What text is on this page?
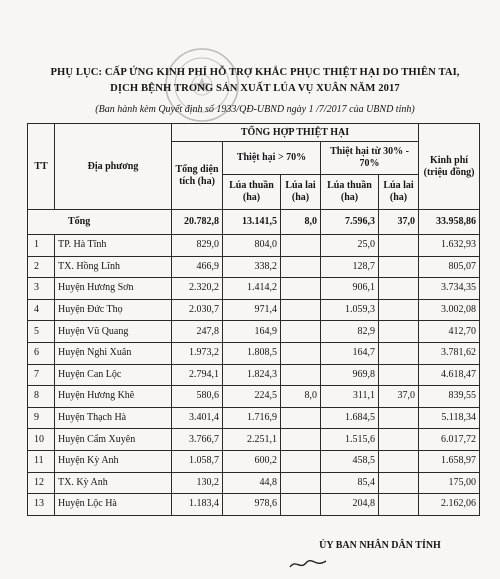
PHỤ LỤC: CẤP ỨNG KINH PHÍ HỖ TRỢ KHẮC PHỤC THIỆT HẠI DO THIÊN TAI,
DỊCH BỆNH TRONG SẢN XUẤT LÚA VỤ XUÂN NĂM 2017
(Ban hành kèm Quyết định số 1933/QĐ-UBND ngày 1 /7/2017 của UBND tỉnh)
TT	Địa phương	TỔNG HỢP THIỆT HẠI					Kinh phí (triệu đồng)
		Tổng diện tích (ha)	Thiệt hại > 70%		Thiệt hại từ 30% - 70%		
			Lúa thuần (ha)	Lúa lai (ha)	Lúa thuần (ha)	Lúa lai (ha)	
Tổng		20.782,8	13.141,5	8,0	7.596,3	37,0	33.958,86
1	TP. Hà Tĩnh	829,0	804,0		25,0		1.632,93
2	TX. Hồng Lĩnh	466,9	338,2		128,7		805,07
3	Huyện Hương Sơn	2.320,2	1.414,2		906,1		3.734,35
4	Huyện Đức Thọ	2.030,7	971,4		1.059,3		3.002,08
5	Huyện Vũ Quang	247,8	164,9		82,9		412,70
6	Huyện Nghi Xuân	1.973,2	1.808,5		164,7		3.781,62
7	Huyện Can Lộc	2.794,1	1.824,3		969,8		4.618,47
8	Huyện Hương Khê	580,6	224,5	8,0	311,1	37,0	839,55
9	Huyện Thạch Hà	3.401,4	1.716,9		1.684,5		5.118,34
10	Huyện Cẩm Xuyên	3.766,7	2.251,1		1.515,6		6.017,72
11	Huyện Kỳ Anh	1.058,7	600,2		458,5		1.658,97
12	TX. Kỳ Anh	130,2	44,8		85,4		175,00
13	Huyện Lộc Hà	1.183,4	978,6		204,8		2.162,06
ỦY BAN NHÂN DÂN TỈNH
